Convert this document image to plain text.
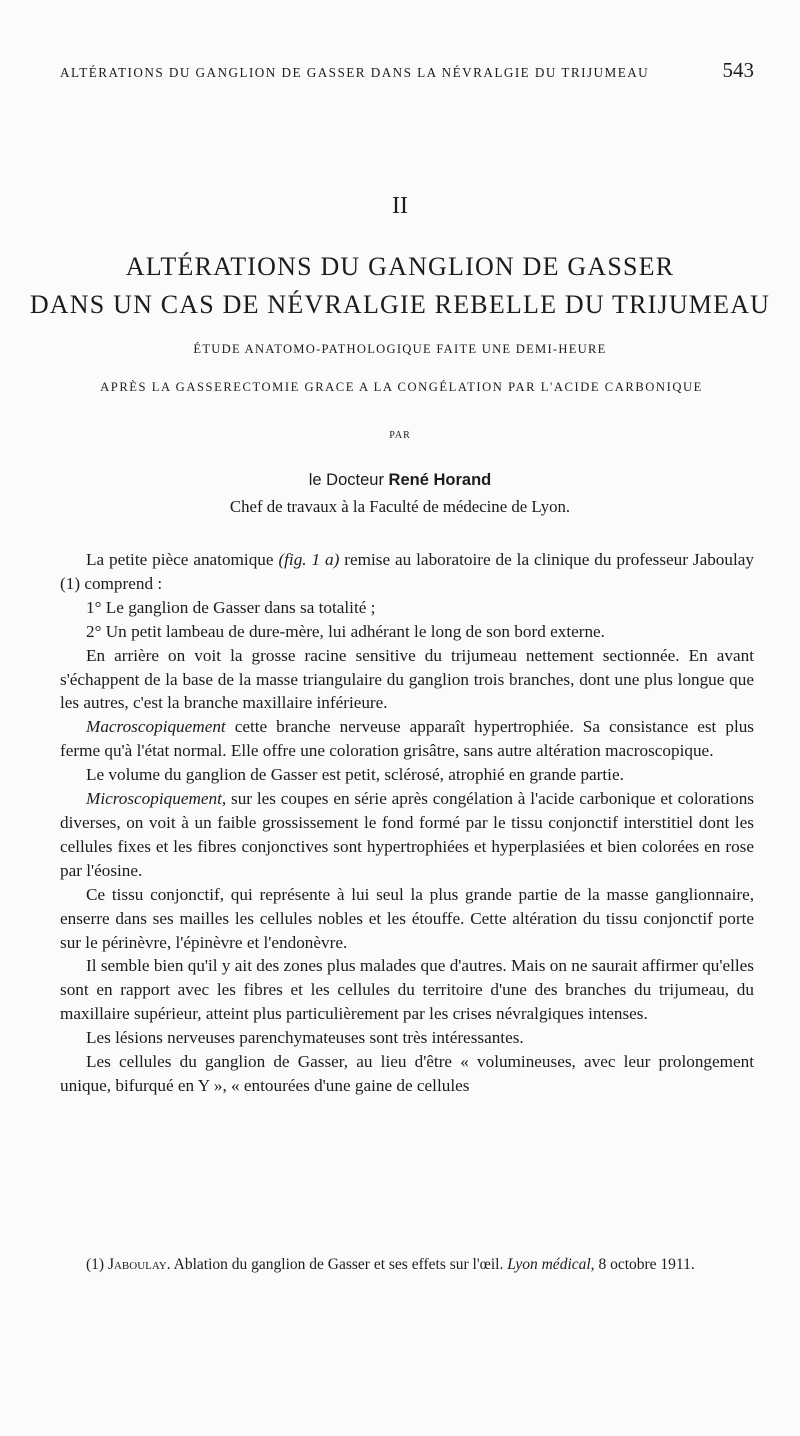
ALTÉRATIONS DU GANGLION DE GASSER DANS LA NÉVRALGIE DU TRIJUMEAU	543
II
ALTÉRATIONS DU GANGLION DE GASSER
DANS UN CAS DE NÉVRALGIE REBELLE DU TRIJUMEAU
ÉTUDE ANATOMO-PATHOLOGIQUE FAITE UNE DEMI-HEURE
APRÈS LA GASSERECTOMIE GRACE A LA CONGÉLATION PAR L'ACIDE CARBONIQUE
PAR
le Docteur René Horand
Chef de travaux à la Faculté de médecine de Lyon.

La petite pièce anatomique (fig. 1 a) remise au laboratoire de la clinique du professeur Jaboulay (1) comprend :

1° Le ganglion de Gasser dans sa totalité ;

2° Un petit lambeau de dure-mère, lui adhérant le long de son bord externe.

En arrière on voit la grosse racine sensitive du trijumeau nettement sectionnée. En avant s'échappent de la base de la masse triangulaire du ganglion trois branches, dont une plus longue que les autres, c'est la branche maxillaire inférieure.

Macroscopiquement cette branche nerveuse apparaît hypertrophiée. Sa consistance est plus ferme qu'à l'état normal. Elle offre une coloration grisâtre, sans autre altération macroscopique.

Le volume du ganglion de Gasser est petit, sclérosé, atrophié en grande partie.

Microscopiquement, sur les coupes en série après congélation à l'acide carbonique et colorations diverses, on voit à un faible grossissement le fond formé par le tissu conjonctif interstitiel dont les cellules fixes et les fibres conjonctives sont hypertrophiées et hyperplasiées et bien colorées en rose par l'éosine.

Ce tissu conjonctif, qui représente à lui seul la plus grande partie de la masse ganglionnaire, enserre dans ses mailles les cellules nobles et les étouffe. Cette altération du tissu conjonctif porte sur le périnèvre, l'épinèvre et l'endonèvre.

Il semble bien qu'il y ait des zones plus malades que d'autres. Mais on ne saurait affirmer qu'elles sont en rapport avec les fibres et les cellules du territoire d'une des branches du trijumeau, du maxillaire supérieur, atteint plus particulièrement par les crises névralgiques intenses.

Les lésions nerveuses parenchymateuses sont très intéressantes.

Les cellules du ganglion de Gasser, au lieu d'être « volumineuses, avec leur prolongement unique, bifurqué en Y », « entourées d'une gaine de cellules

(1) Jaboulay. Ablation du ganglion de Gasser et ses effets sur l'œil. Lyon médical, 8 octobre 1911.
